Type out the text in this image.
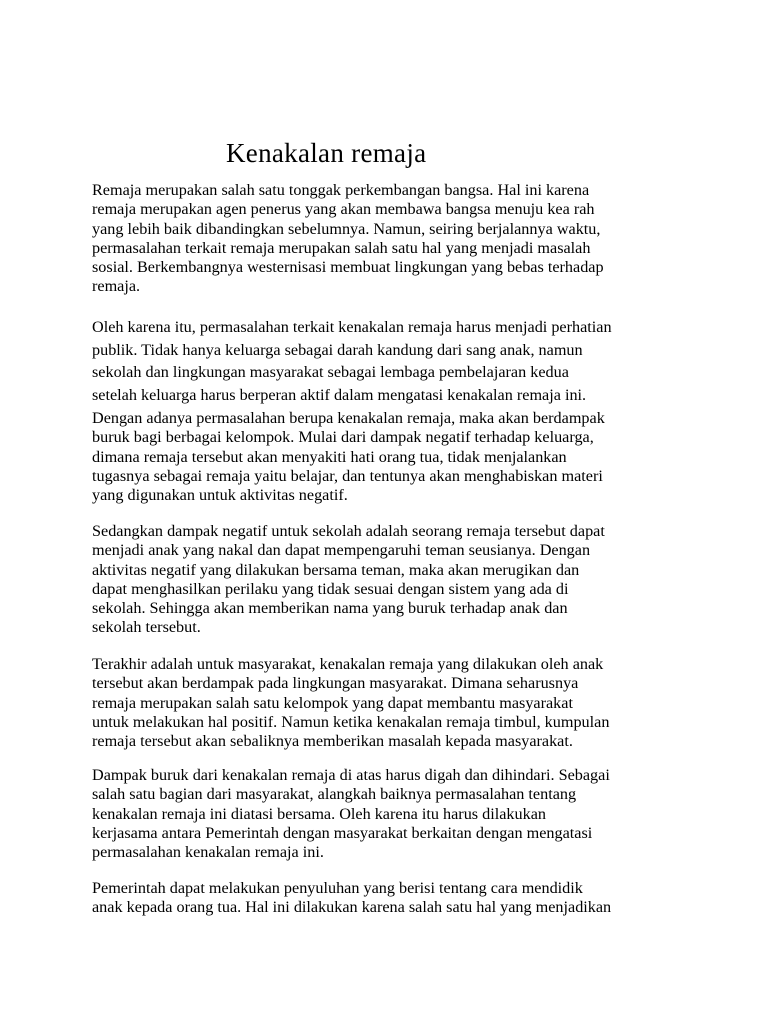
Kenakalan remaja

Remaja merupakan salah satu tonggak perkembangan bangsa. Hal ini karena
remaja merupakan agen penerus yang akan membawa bangsa menuju kea rah
yang lebih baik dibandingkan sebelumnya. Namun, seiring berjalannya waktu,
permasalahan terkait remaja merupakan salah satu hal yang menjadi masalah
sosial. Berkembangnya westernisasi membuat lingkungan yang bebas terhadap
remaja.

Oleh karena itu, permasalahan terkait kenakalan remaja harus menjadi perhatian
publik. Tidak hanya keluarga sebagai darah kandung dari sang anak, namun
sekolah dan lingkungan masyarakat sebagai lembaga pembelajaran kedua
setelah keluarga harus berperan aktif dalam mengatasi kenakalan remaja ini.

Dengan adanya permasalahan berupa kenakalan remaja, maka akan berdampak
buruk bagi berbagai kelompok. Mulai dari dampak negatif terhadap keluarga,
dimana remaja tersebut akan menyakiti hati orang tua, tidak menjalankan
tugasnya sebagai remaja yaitu belajar, dan tentunya akan menghabiskan materi
yang digunakan untuk aktivitas negatif.

Sedangkan dampak negatif untuk sekolah adalah seorang remaja tersebut dapat
menjadi anak yang nakal dan dapat mempengaruhi teman seusianya. Dengan
aktivitas negatif yang dilakukan bersama teman, maka akan merugikan dan
dapat menghasilkan perilaku yang tidak sesuai dengan sistem yang ada di
sekolah. Sehingga akan memberikan nama yang buruk terhadap anak dan
sekolah tersebut.

Terakhir adalah untuk masyarakat, kenakalan remaja yang dilakukan oleh anak
tersebut akan berdampak pada lingkungan masyarakat. Dimana seharusnya
remaja merupakan salah satu kelompok yang dapat membantu masyarakat
untuk melakukan hal positif. Namun ketika kenakalan remaja timbul, kumpulan
remaja tersebut akan sebaliknya memberikan masalah kepada masyarakat.

Dampak buruk dari kenakalan remaja di atas harus digah dan dihindari. Sebagai
salah satu bagian dari masyarakat, alangkah baiknya permasalahan tentang
kenakalan remaja ini diatasi bersama. Oleh karena itu harus dilakukan
kerjasama antara Pemerintah dengan masyarakat berkaitan dengan mengatasi
permasalahan kenakalan remaja ini.

Pemerintah dapat melakukan penyuluhan yang berisi tentang cara mendidik
anak kepada orang tua. Hal ini dilakukan karena salah satu hal yang menjadikan
